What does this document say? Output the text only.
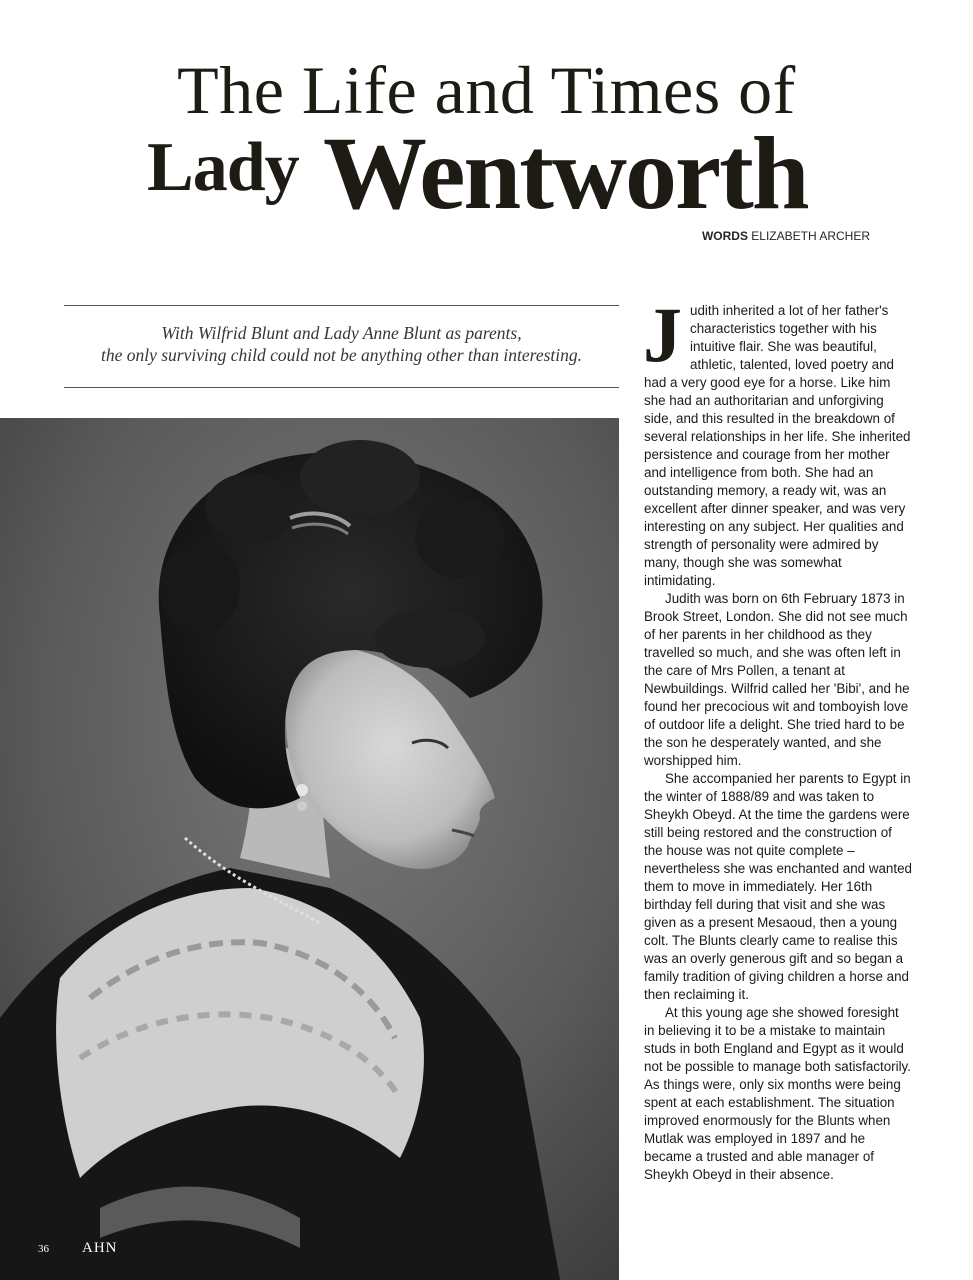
The Life and Times of
Lady Wentworth
WORDS ELIZABETH ARCHER
With Wilfrid Blunt and Lady Anne Blunt as parents,
the only surviving child could not be anything other than interesting.
36 AHN

Judith inherited a lot of her father's characteristics together with his intuitive flair. She was beautiful, athletic, talented, loved poetry and had a very good eye for a horse. Like him she had an authoritarian and unforgiving side, and this resulted in the breakdown of several relationships in her life. She inherited persistence and courage from her mother and intelligence from both. She had an outstanding memory, a ready wit, was an excellent after dinner speaker, and was very interesting on any subject. Her qualities and strength of personality were admired by many, though she was somewhat intimidating.

Judith was born on 6th February 1873 in Brook Street, London. She did not see much of her parents in her childhood as they travelled so much, and she was often left in the care of Mrs Pollen, a tenant at Newbuildings. Wilfrid called her 'Bibi', and he found her precocious wit and tomboyish love of outdoor life a delight. She tried hard to be the son he desperately wanted, and she worshipped him.

She accompanied her parents to Egypt in the winter of 1888/89 and was taken to Sheykh Obeyd. At the time the gardens were still being restored and the construction of the house was not quite complete – nevertheless she was enchanted and wanted them to move in immediately. Her 16th birthday fell during that visit and she was given as a present Mesaoud, then a young colt. The Blunts clearly came to realise this was an overly generous gift and so began a family tradition of giving children a horse and then reclaiming it.

At this young age she showed foresight in believing it to be a mistake to maintain studs in both England and Egypt as it would not be possible to manage both satisfactorily. As things were, only six months were being spent at each establishment. The situation improved enormously for the Blunts when Mutlak was employed in 1897 and he became a trusted and able manager of Sheykh Obeyd in their absence.
